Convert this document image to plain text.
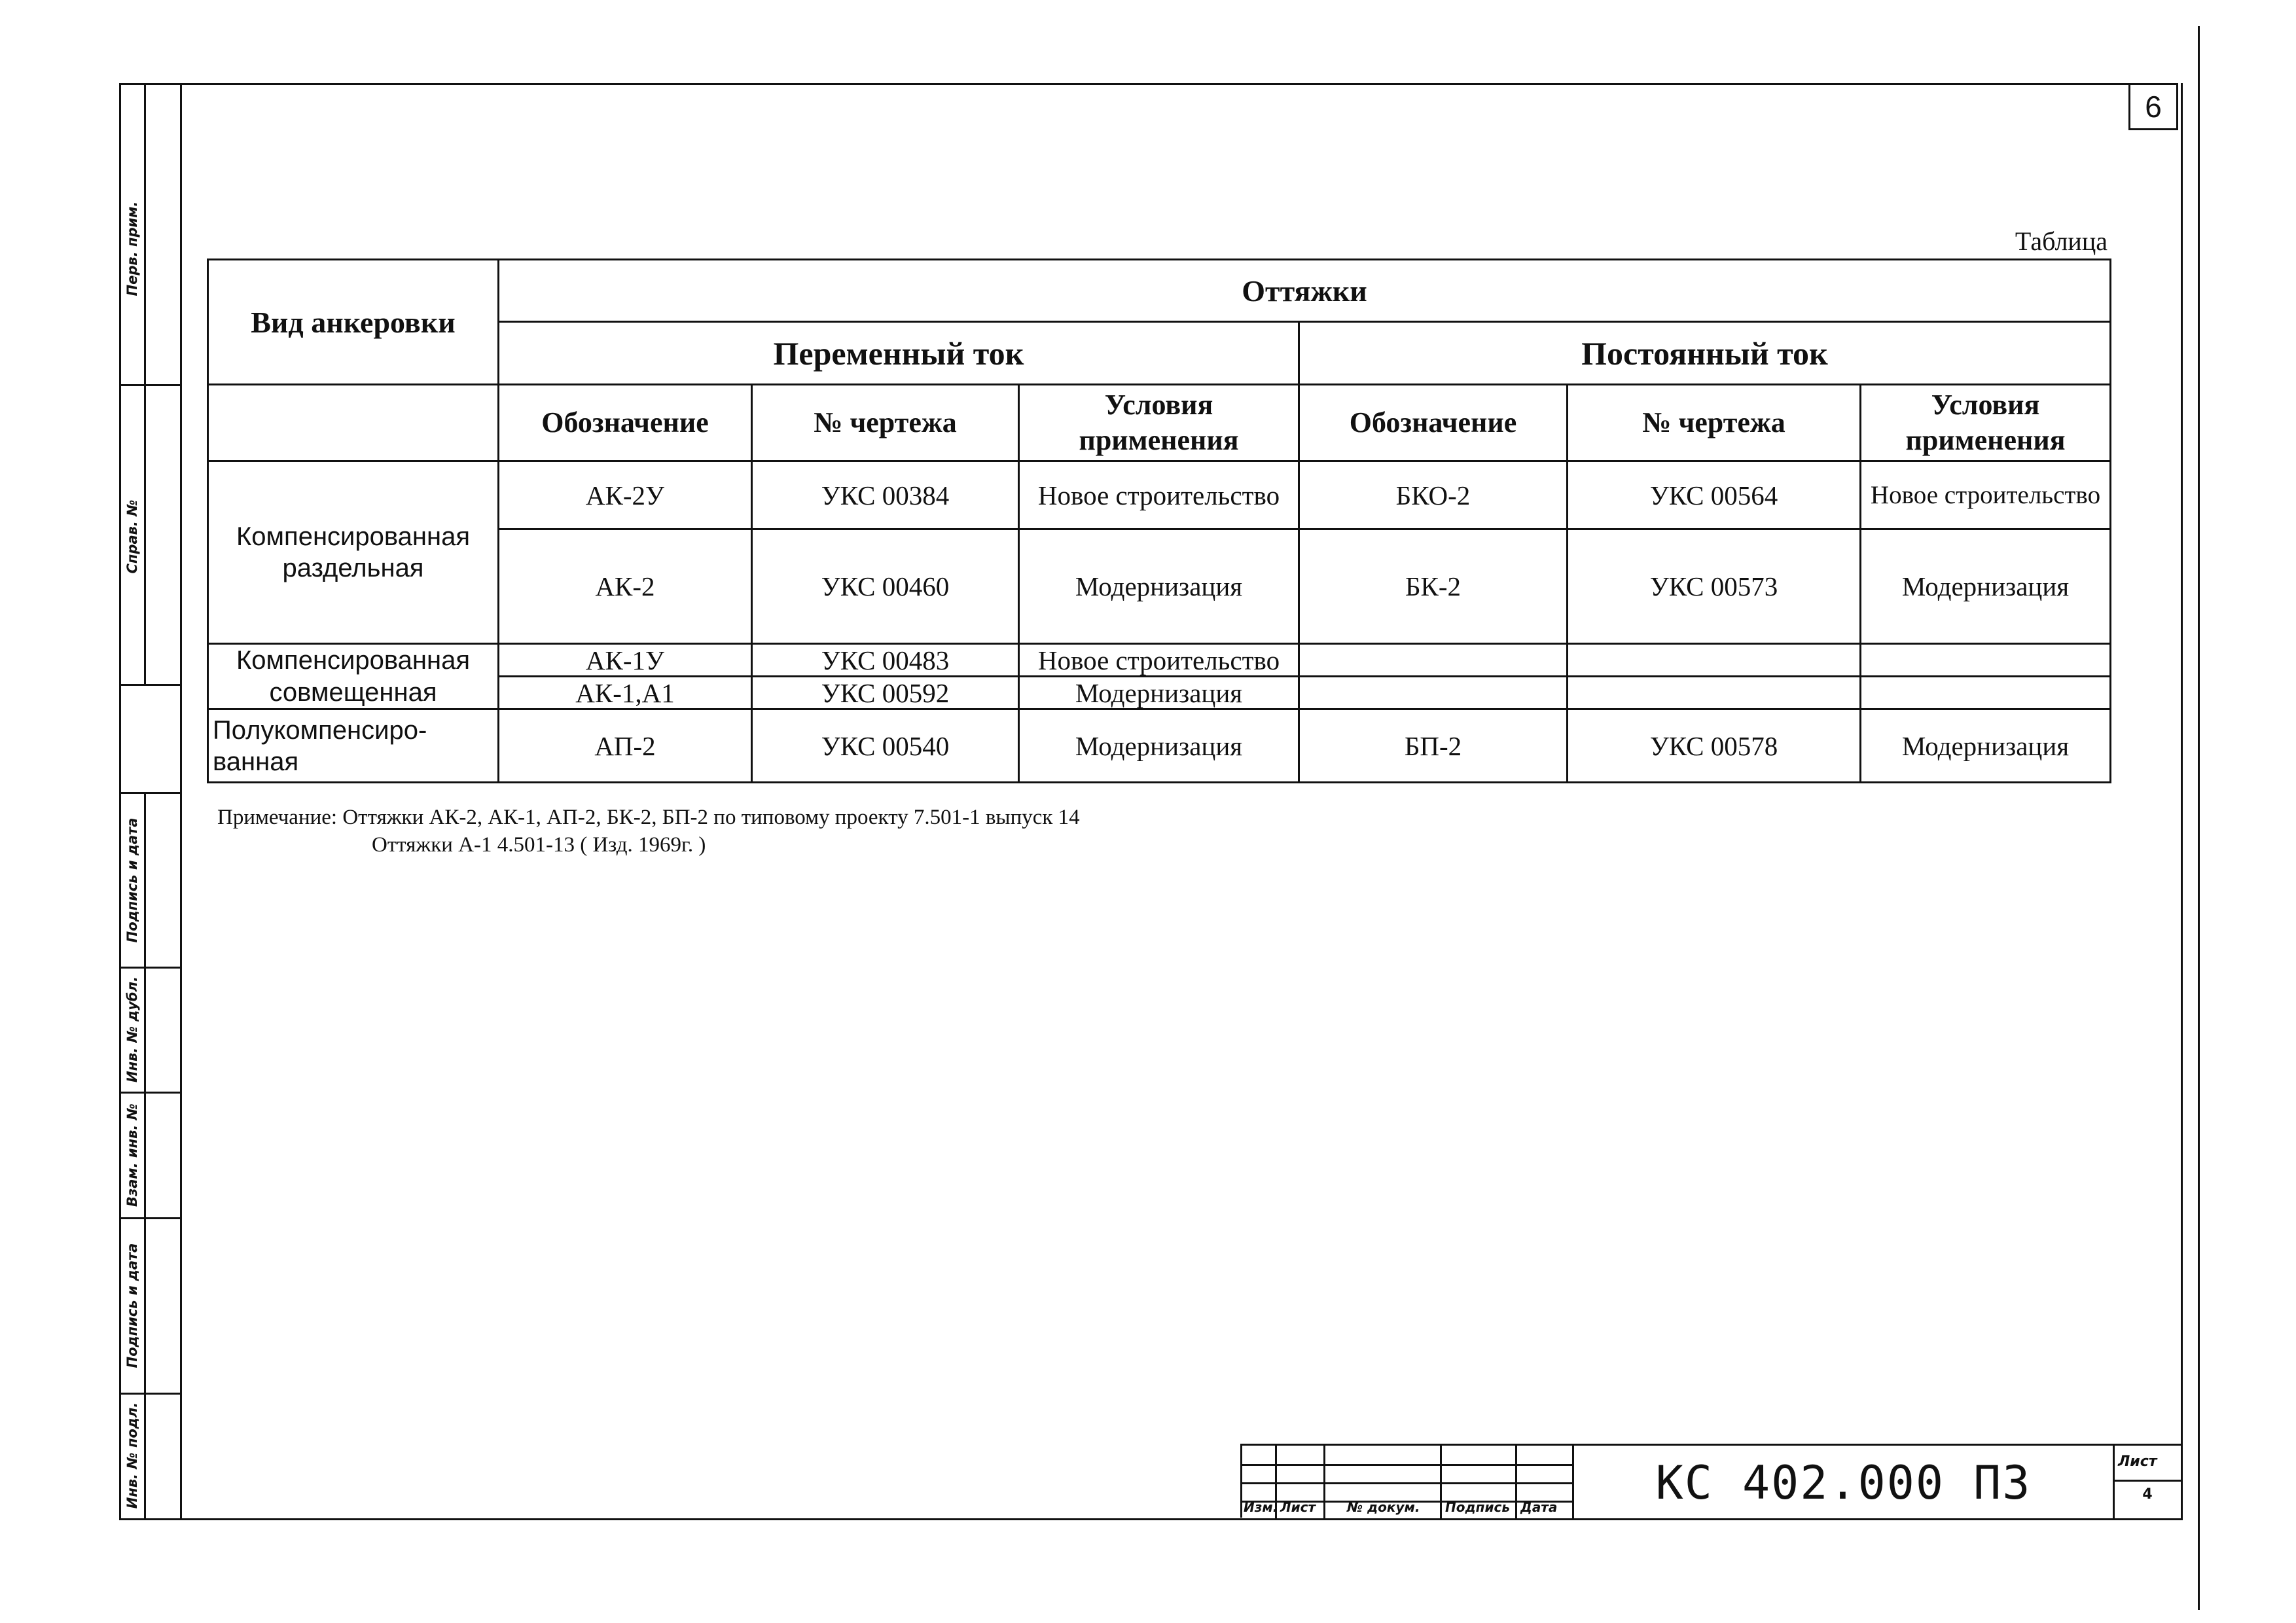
Перв. прим.
Справ. №
Подпись и дата
Инв. № дубл.
Взам. инв. №
Подпись и дата
Инв. № подл.
6
Таблица
Вид анкеровки	Оттяжки					
	Переменный ток			Постоянный ток		
	Обозначение	№ чертежа	Условия применения	Обозначение	№ чертежа	Условия применения
Компенсированная раздельная	АК-2У	УКС 00384	Новое строительство	БКО-2	УКС 00564	Новое строительство
	АК-2	УКС 00460	Модернизация	БК-2	УКС 00573	Модернизация
Компенсированная	АК-1У	УКС 00483	Новое строительство			
совмещенная	АК-1,А1	УКС 00592	Модернизация			
Полукомпенсиро-ванная	АП-2	УКС 00540	Модернизация	БП-2	УКС 00578	Модернизация
Примечание: Оттяжки АК-2, АК-1, АП-2, БК-2, БП-2 по типовому проекту 7.501-1 выпуск 14
Оттяжки А-1 4.501-13 ( Изд. 1969г. )
Изм. Лист № докум. Подпись Дата	КС 402.000 ПЗ	Лист
4
